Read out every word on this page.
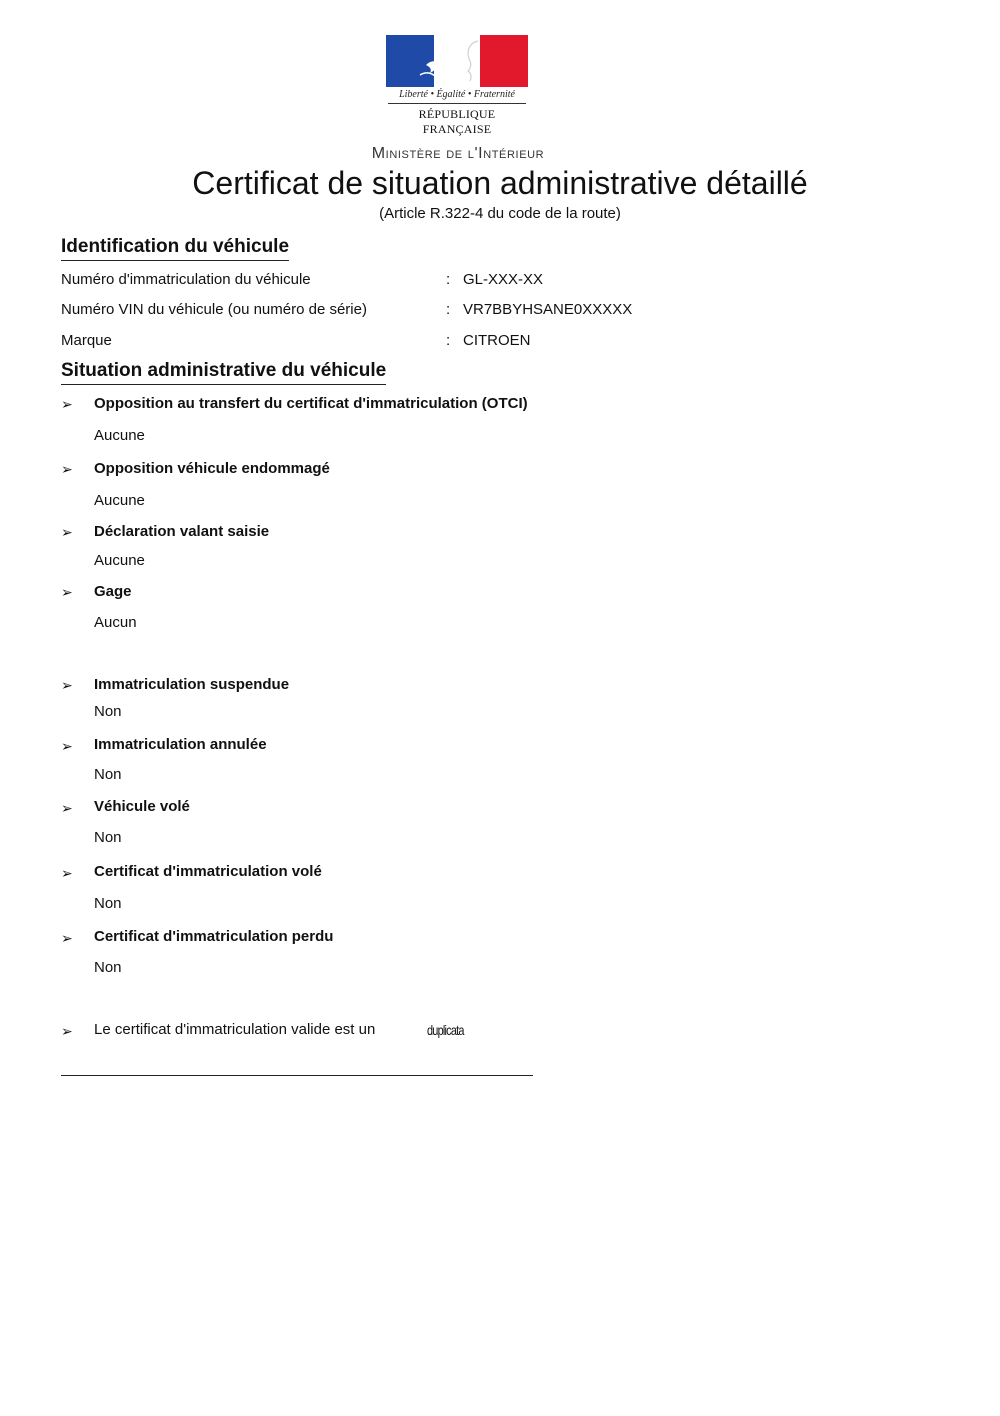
Liberté • Égalité • Fraternité
RÉPUBLIQUE FRANÇAISE
Ministère de l'Intérieur
Certificat de situation administrative détaillé
(Article R.322-4 du code de la route)
Identification du véhicule
Numéro d'immatriculation du véhicule	: GL-XXX-XX
Numéro VIN du véhicule (ou numéro de série)	: VR7BBYHSANE0XXXXX
Marque	: CITROEN
Situation administrative du véhicule
➢ Opposition au transfert du certificat d'immatriculation (OTCI)
Aucune
➢ Opposition véhicule endommagé
Aucune
➢ Déclaration valant saisie
Aucune
➢ Gage
Aucun
➢ Immatriculation suspendue
Non
➢ Immatriculation annulée
Non
➢ Véhicule volé
Non
➢ Certificat d'immatriculation volé
Non
➢ Certificat d'immatriculation perdu
Non
➢ Le certificat d'immatriculation valide est un	duplicata
